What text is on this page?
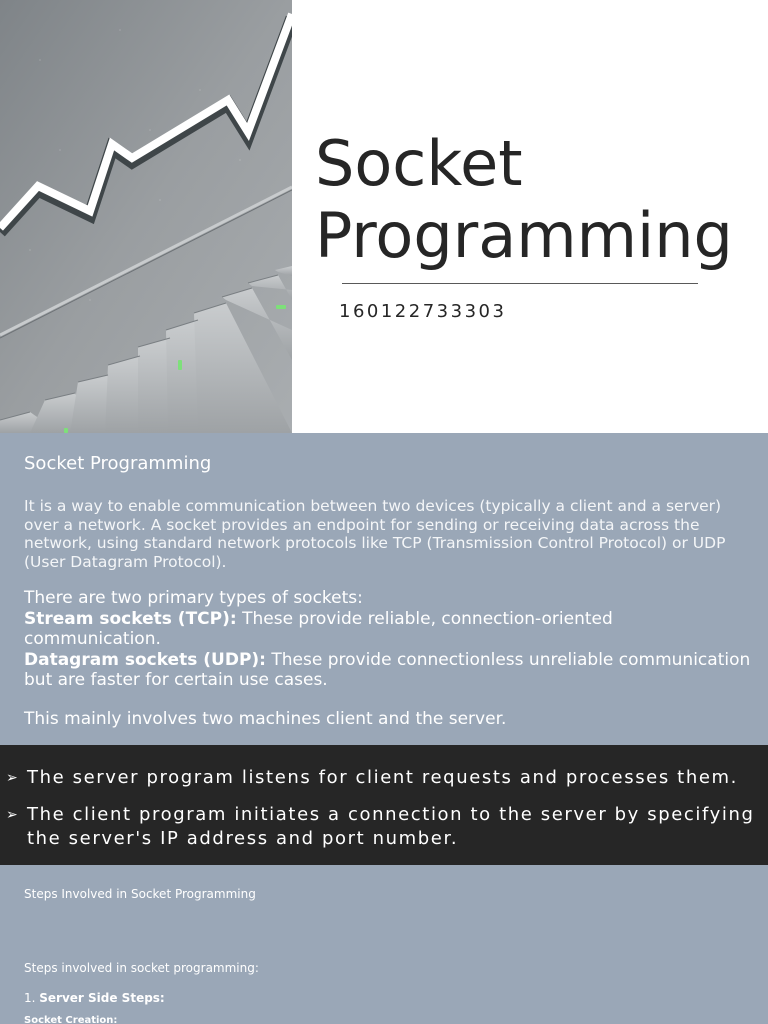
Socket
Programming
160122733303
Socket Programming

It is a way to enable communication between two devices (typically a client and a server) over a network. A socket provides an endpoint for sending or receiving data across the network, using standard network protocols like TCP (Transmission Control Protocol) or UDP (User Datagram Protocol).

There are two primary types of sockets:
Stream sockets (TCP): These provide reliable, connection-oriented communication.
Datagram sockets (UDP): These provide connectionless unreliable communication but are faster for certain use cases.
This mainly involves two machines client and the server.
➢ The server program listens for client requests and processes them.
➢ The client program initiates a connection to the server by specifying
the server's IP address and port number.
Steps Involved in Socket Programming
Steps involved in socket programming:
1. Server Side Steps:
Socket Creation:
